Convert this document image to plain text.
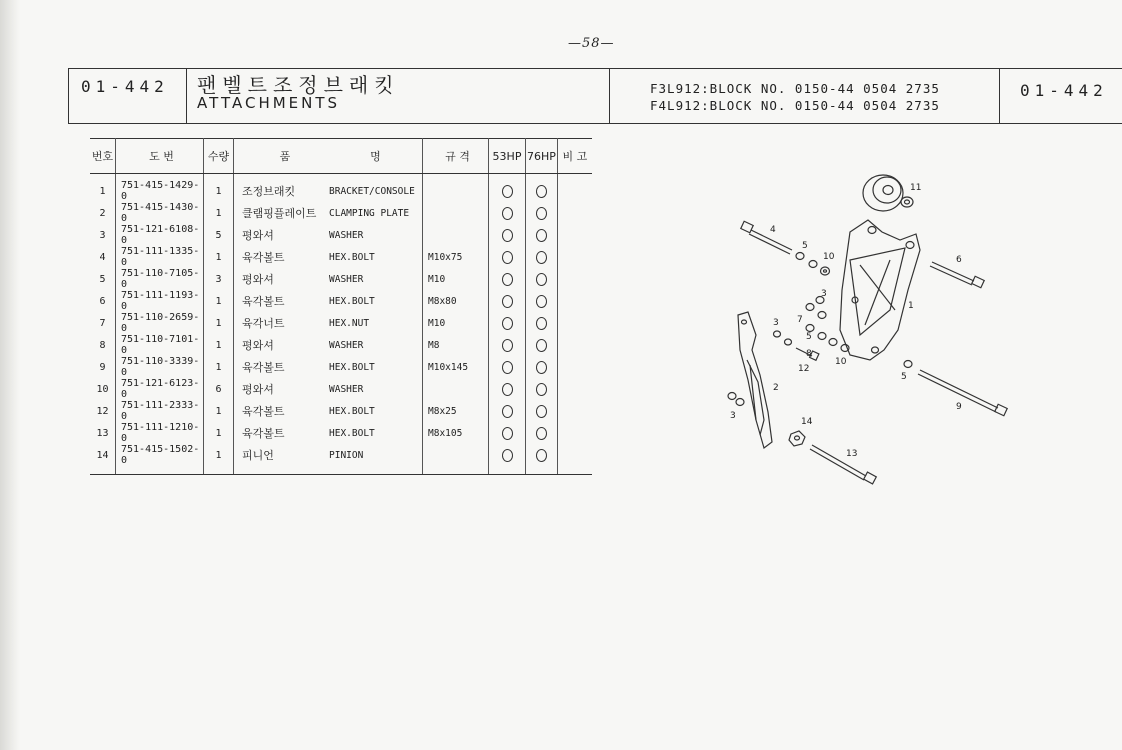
—58—
01-442	팬벨트조정브래킷
ATTACHMENTS
F3L912:BLOCK NO. 0150-44 0504 2735
F4L912:BLOCK NO. 0150-44 0504 2735
01-442
번호	도 번	수량	품	명	규 격	53HP	76HP	비 고
1	751-415-1429-0	1	조정브래킷	BRACKET/CONSOLE				
2	751-415-1430-0	1	클램핑플레이트	CLAMPING PLATE				
3	751-121-6108-0	5	평와셔	WASHER				
4	751-111-1335-0	1	육각볼트	HEX.BOLT	M10x75			
5	751-110-7105-0	3	평와셔	WASHER	M10			
6	751-111-1193-0	1	육각볼트	HEX.BOLT	M8x80			
7	751-110-2659-0	1	육각너트	HEX.NUT	M10			
8	751-110-7101-0	1	평와셔	WASHER	M8			
9	751-110-3339-0	1	육각볼트	HEX.BOLT	M10x145			
10	751-121-6123-0	6	평와셔	WASHER				
12	751-111-2333-0	1	육각볼트	HEX.BOLT	M8x25			
13	751-111-1210-0	1	육각볼트	HEX.BOLT	M8x105			
14	751-415-1502-0	1	피니언	PINION				
11
4
5
10	6
3
1
7
3
5
8
12
10
5
2
3
9
14
13
